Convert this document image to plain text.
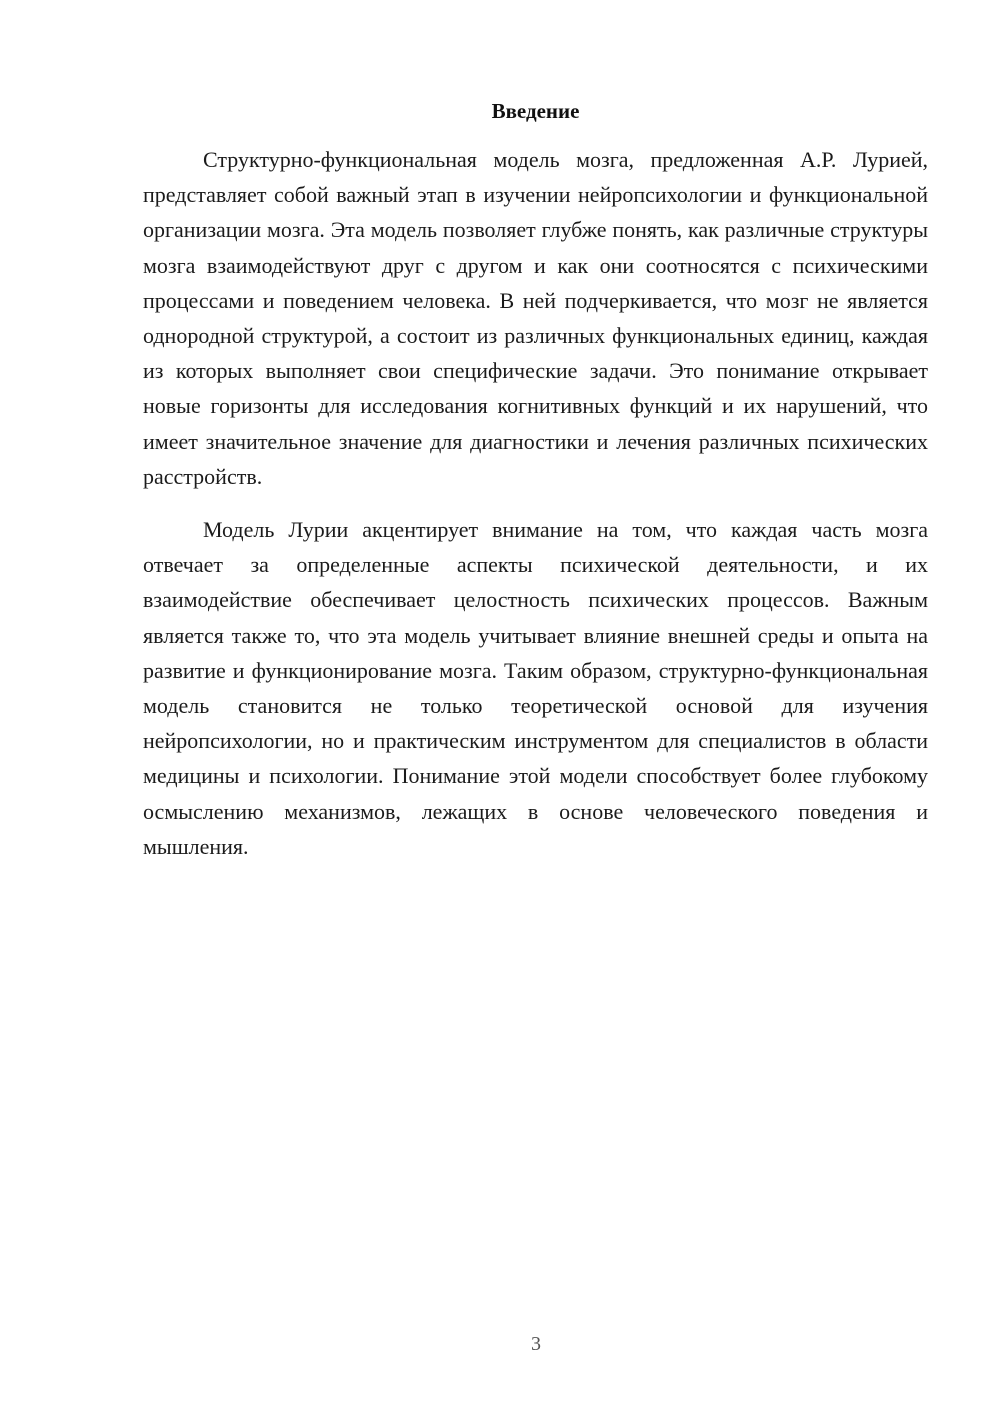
Введение

Структурно-функциональная модель мозга, предложенная А.Р. Лурией, представляет собой важный этап в изучении нейропсихологии и функциональной организации мозга. Эта модель позволяет глубже понять, как различные структуры мозга взаимодействуют друг с другом и как они соотносятся с психическими процессами и поведением человека. В ней подчеркивается, что мозг не является однородной структурой, а состоит из различных функциональных единиц, каждая из которых выполняет свои специфические задачи. Это понимание открывает новые горизонты для исследования когнитивных функций и их нарушений, что имеет значительное значение для диагностики и лечения различных психических расстройств.

Модель Лурии акцентирует внимание на том, что каждая часть мозга отвечает за определенные аспекты психической деятельности, и их взаимодействие обеспечивает целостность психических процессов. Важным является также то, что эта модель учитывает влияние внешней среды и опыта на развитие и функционирование мозга. Таким образом, структурно-функциональная модель становится не только теоретической основой для изучения нейропсихологии, но и практическим инструментом для специалистов в области медицины и психологии. Понимание этой модели способствует более глубокому осмыслению механизмов, лежащих в основе человеческого поведения и мышления.

3
